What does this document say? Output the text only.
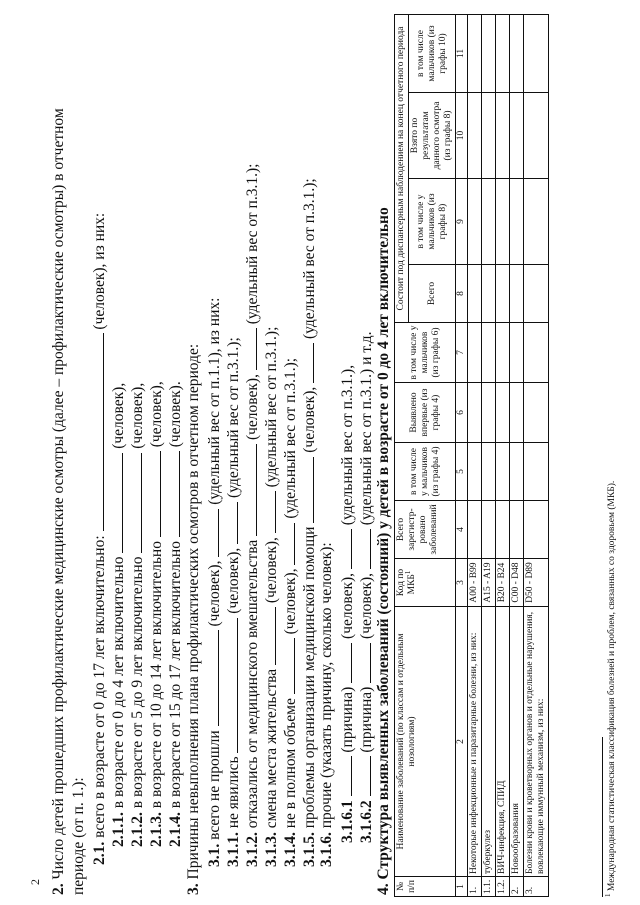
2
2. Число детей прошедших профилактические медицинские осмотры (далее – профилактические осмотры) в отчетном периоде (от п. 1.): 2.1. всего в возрасте от 0 до 17 лет включительно:  (человек), из них:
2.1.1. в возрасте от 0 до 4 лет включительно  (человек),
2.1.2. в возрасте от 5 до 9 лет включительно  (человек),
2.1.3. в возрасте от 10 до 14 лет включительно  (человек),
2.1.4. в возрасте от 15 до 17 лет включительно  (человек).
3. Причины невыполнения плана профилактических осмотров в отчетном периоде: 3.1. всего не прошли  (человек),  (удельный вес от п.1.1), из них:
3.1.1. не явились  (человек),  (удельный вес от п.3.1.);
3.1.2. отказались от медицинского вмешательства  (человек),  (удельный вес от п.3.1.);
3.1.3. смена места жительства  (человек),  (удельный вес от п.3.1.);
3.1.4. не в полном объеме  (человек),  (удельный вес от п.3.1.);
3.1.5. проблемы организации медицинской помощи  (человек),  (удельный вес от п.3.1.);
3.1.6. прочие (указать причину, сколько человек): 3.1.6.1  (причина)  (человек),  (удельный вес от п.3.1.),
3.1.6.2  (причина)  (человек),  (удельный вес от п.3.1.) и т.д.
№ п/п	Наименование заболеваний (по классам и отдельным нозологиям)	Код по МКБ$^1$	Всего зарегистр- ровано заболеваний	в том числе у мальчиков (из графы 4)	Выявлено впервые (из графы 4)	в том числе у мальчиков (из графы 6)	Состоит под диспансерным наблюдением на конец отчетного периода			
							Всего	в том числе у мальчиков (из графы 8)	Взято по результатам данного осмотра (из графы 8)	в том числе мальчиков (из графы 10)
1	2	3	4	5	6	7	8	9	10	11
1.	Некоторые инфекционные и паразитарные болезни, из них:	A00 - B99								
1.1.	туберкулез	A15 - A19								
1.2.	ВИЧ-инфекция, СПИД	B20 - B24								
2.	Новообразования	C00 - D48								
3.	Болезни крови и кроветворных органов и отдельные нарушения, вовлекающие иммунный механизм, из них:	D50 - D89								
4. Структура выявленных заболеваний (состояний) у детей в возрасте от 0 до 4 лет включительно
$^1$ Международная статистическая классификация болезней и проблем, связанных со здоровьем (МКБ).
